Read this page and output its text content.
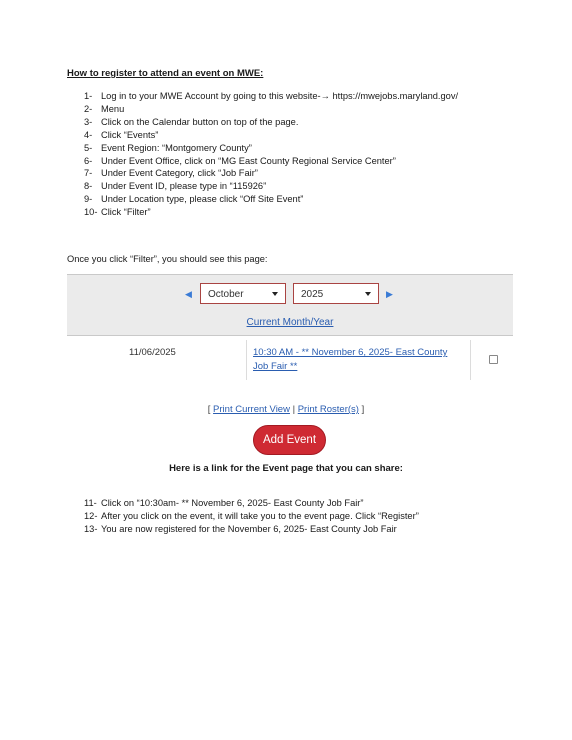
How to register to attend an event on MWE:
1- Log in to your MWE Account by going to this website-→ https://mwejobs.maryland.gov/
2- Menu
3- Click on the Calendar button on top of the page.
4- Click “Events”
5- Event Region: “Montgomery County”
6- Under Event Office, click on “MG East County Regional Service Center”
7- Under Event Category, click “Job Fair”
8- Under Event ID, please type in “115926”
9- Under Location type, please click “Off Site Event”
10- Click “Filter”
Once you click “Filter”, you should see this page:
◀	October	2025	▶
Current Month/Year
11/06/2025	10:30 AM - ** November 6, 2025- East County Job Fair **
[ Print Current View | Print Roster(s) ]
Add Event
Here is a link for the Event page that you can share:
11- Click on “10:30am- ** November 6, 2025- East County Job Fair”
12- After you click on the event, it will take you to the event page. Click “Register”
13- You are now registered for the November 6, 2025- East County Job Fair
